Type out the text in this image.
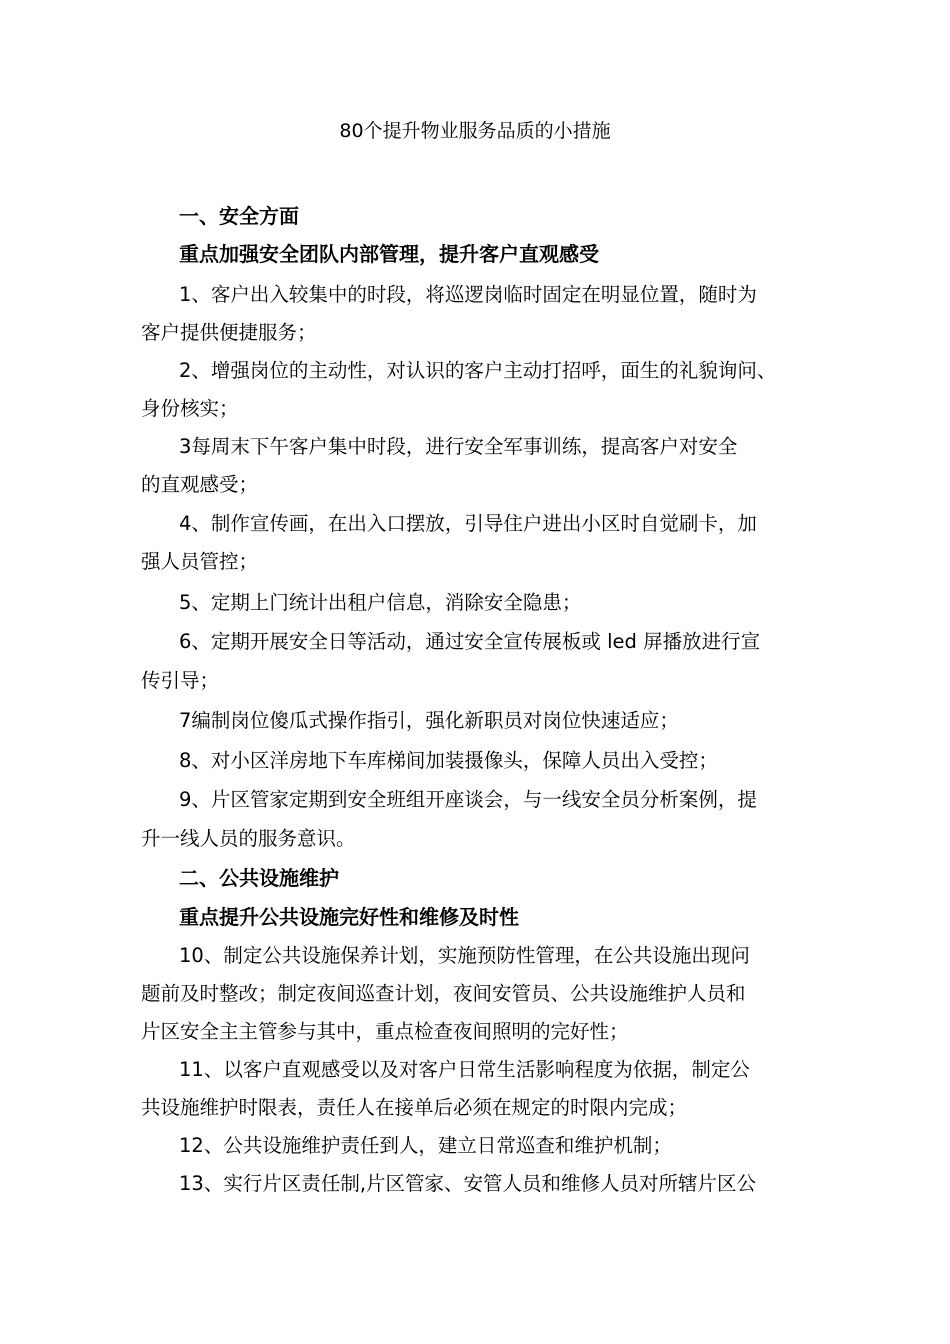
80个提升物业服务品质的小措施
一、安全方面
重点加强安全团队内部管理，提升客户直观感受
1、客户出入较集中的时段，将巡逻岗临时固定在明显位置，随时为
客户提供便捷服务；
2、增强岗位的主动性，对认识的客户主动打招呼，面生的礼貌询问、
身份核实；
3每周末下午客户集中时段，进行安全军事训练，提高客户对安全
的直观感受；
4、制作宣传画，在出入口摆放，引导住户进出小区时自觉刷卡，加
强人员管控；
5、定期上门统计出租户信息，消除安全隐患；
6、定期开展安全日等活动，通过安全宣传展板或 led 屏播放进行宣
传引导；
7编制岗位傻瓜式操作指引，强化新职员对岗位快速适应；
8、对小区洋房地下车库梯间加装摄像头，保障人员出入受控；
9、片区管家定期到安全班组开座谈会，与一线安全员分析案例，提
升一线人员的服务意识。
二、公共设施维护
重点提升公共设施完好性和维修及时性
10、制定公共设施保养计划，实施预防性管理，在公共设施出现问
题前及时整改；制定夜间巡查计划，夜间安管员、公共设施维护人员和
片区安全主主管参与其中，重点检查夜间照明的完好性；
11、以客户直观感受以及对客户日常生活影响程度为依据，制定公
共设施维护时限表，责任人在接单后必须在规定的时限内完成；
12、公共设施维护责任到人，建立日常巡查和维护机制；
13、实行片区责任制,片区管家、安管人员和维修人员对所辖片区公
